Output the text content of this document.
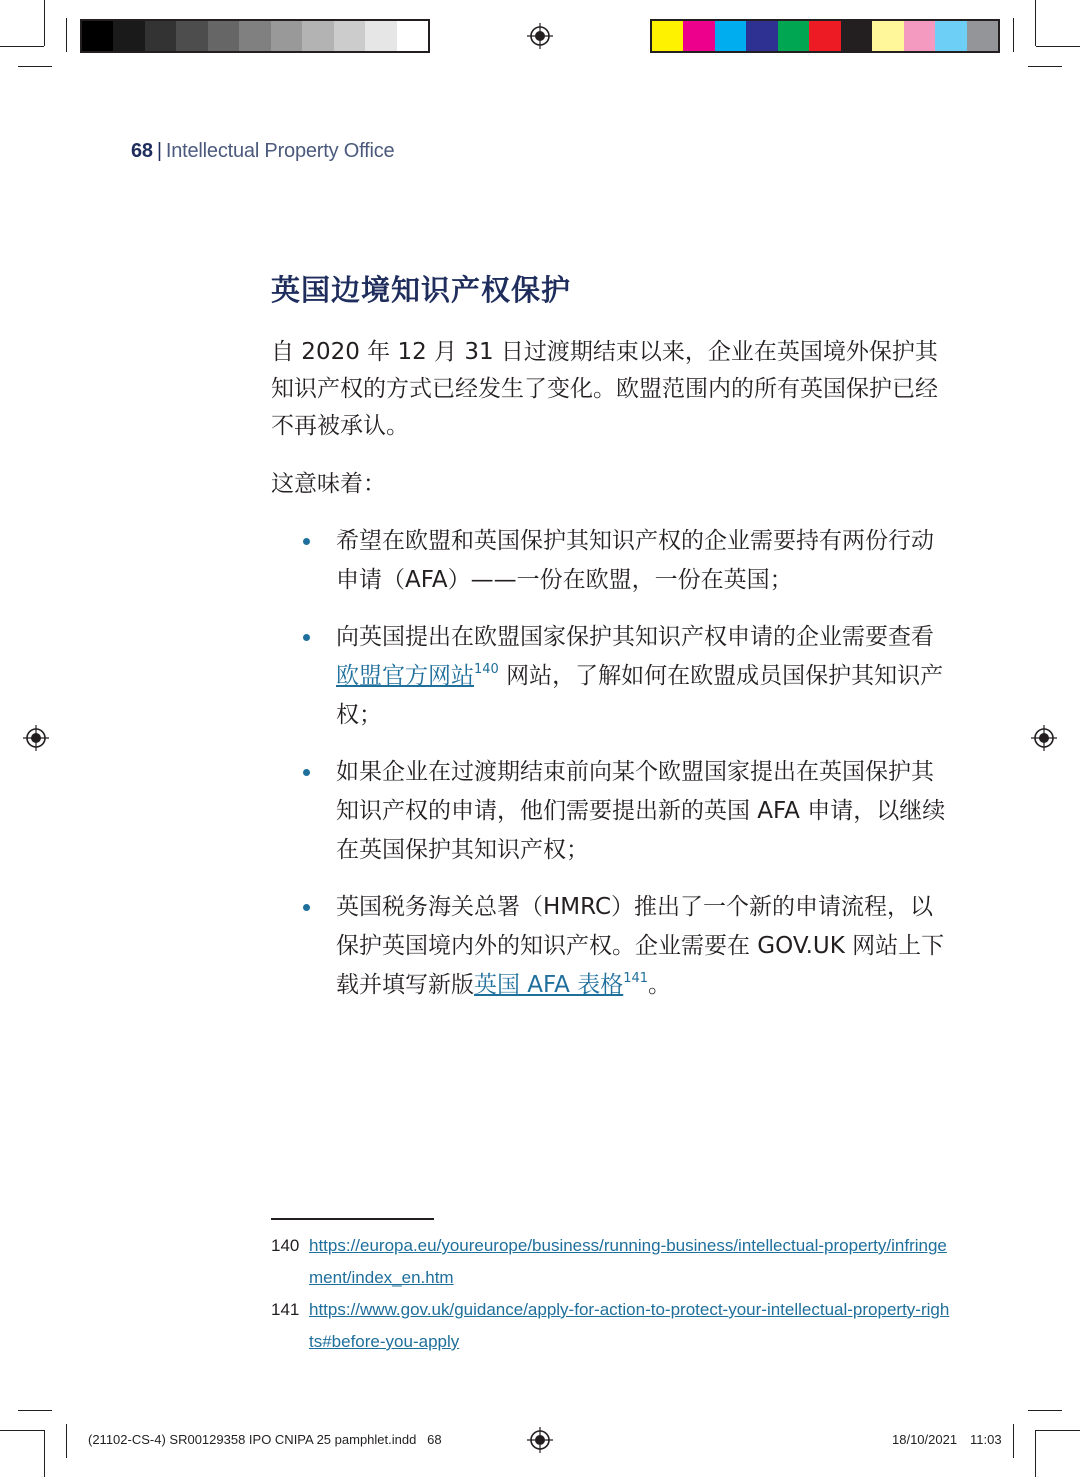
68 | Intellectual Property Office
英国边境知识产权保护
自 2020 年 12 月 31 日过渡期结束以来，企业在英国境外保护其知识产权的方式已经发生了变化。欧盟范围内的所有英国保护已经不再被承认。
这意味着：
希望在欧盟和英国保护其知识产权的企业需要持有两份行动申请（AFA）——一份在欧盟，一份在英国；
向英国提出在欧盟国家保护其知识产权申请的企业需要查看欧盟官方网站$^{140}$ 网站，了解如何在欧盟成员国保护其知识产权；
如果企业在过渡期结束前向某个欧盟国家提出在英国保护其知识产权的申请，他们需要提出新的英国 AFA 申请，以继续在英国保护其知识产权；
英国税务海关总署（HMRC）推出了一个新的申请流程，以保护英国境内外的知识产权。企业需要在 GOV.UK 网站上下载并填写新版英国 AFA 表格$^{141}$。
140 https://europa.eu/youreurope/business/running-business/intellectual-property/infringement/index_en.htm
141 https://www.gov.uk/guidance/apply-for-action-to-protect-your-intellectual-property-rights#before-you-apply
(21102-CS-4) SR00129358 IPO CNIPA 25 pamphlet.indd   68	18/10/2021 11:03
